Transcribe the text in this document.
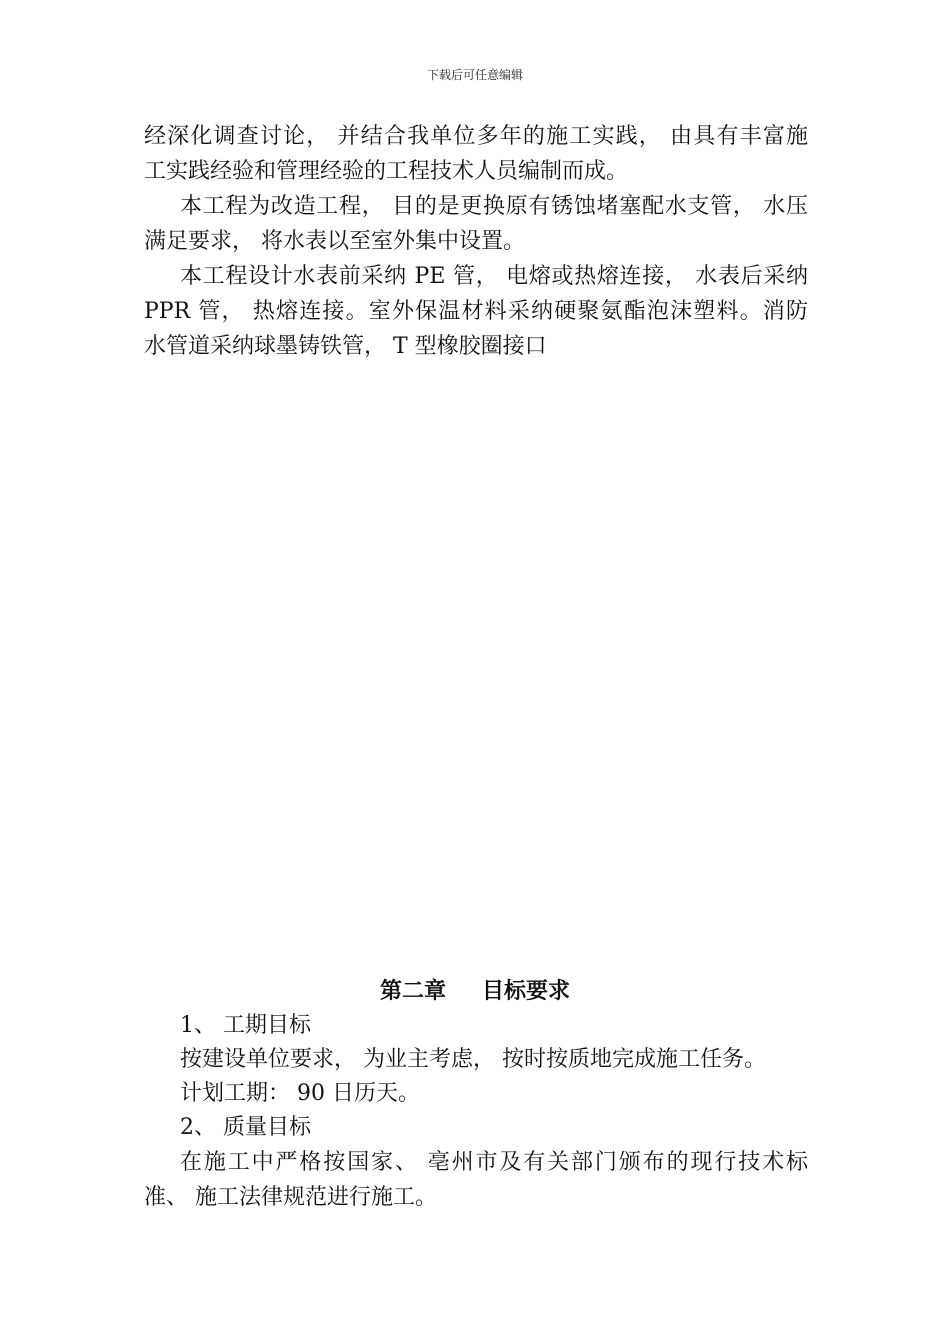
下载后可任意编辑
经深化调查讨论， 并结合我单位多年的施工实践， 由具有丰富施
工实践经验和管理经验的工程技术人员编制而成。
本工程为改造工程， 目的是更换原有锈蚀堵塞配水支管， 水压
满足要求， 将水表以至室外集中设置。
本工程设计水表前采纳 PE 管， 电熔或热熔连接， 水表后采纳
PPR 管， 热熔连接。室外保温材料采纳硬聚氨酯泡沫塑料。消防
水管道采纳球墨铸铁管， T 型橡胶圈接口
第二章 目标要求
1、 工期目标
按建设单位要求， 为业主考虑， 按时按质地完成施工任务。
计划工期： 90 日历天。
2、 质量目标
在施工中严格按国家、 亳州市及有关部门颁布的现行技术标
准、 施工法律规范进行施工。
